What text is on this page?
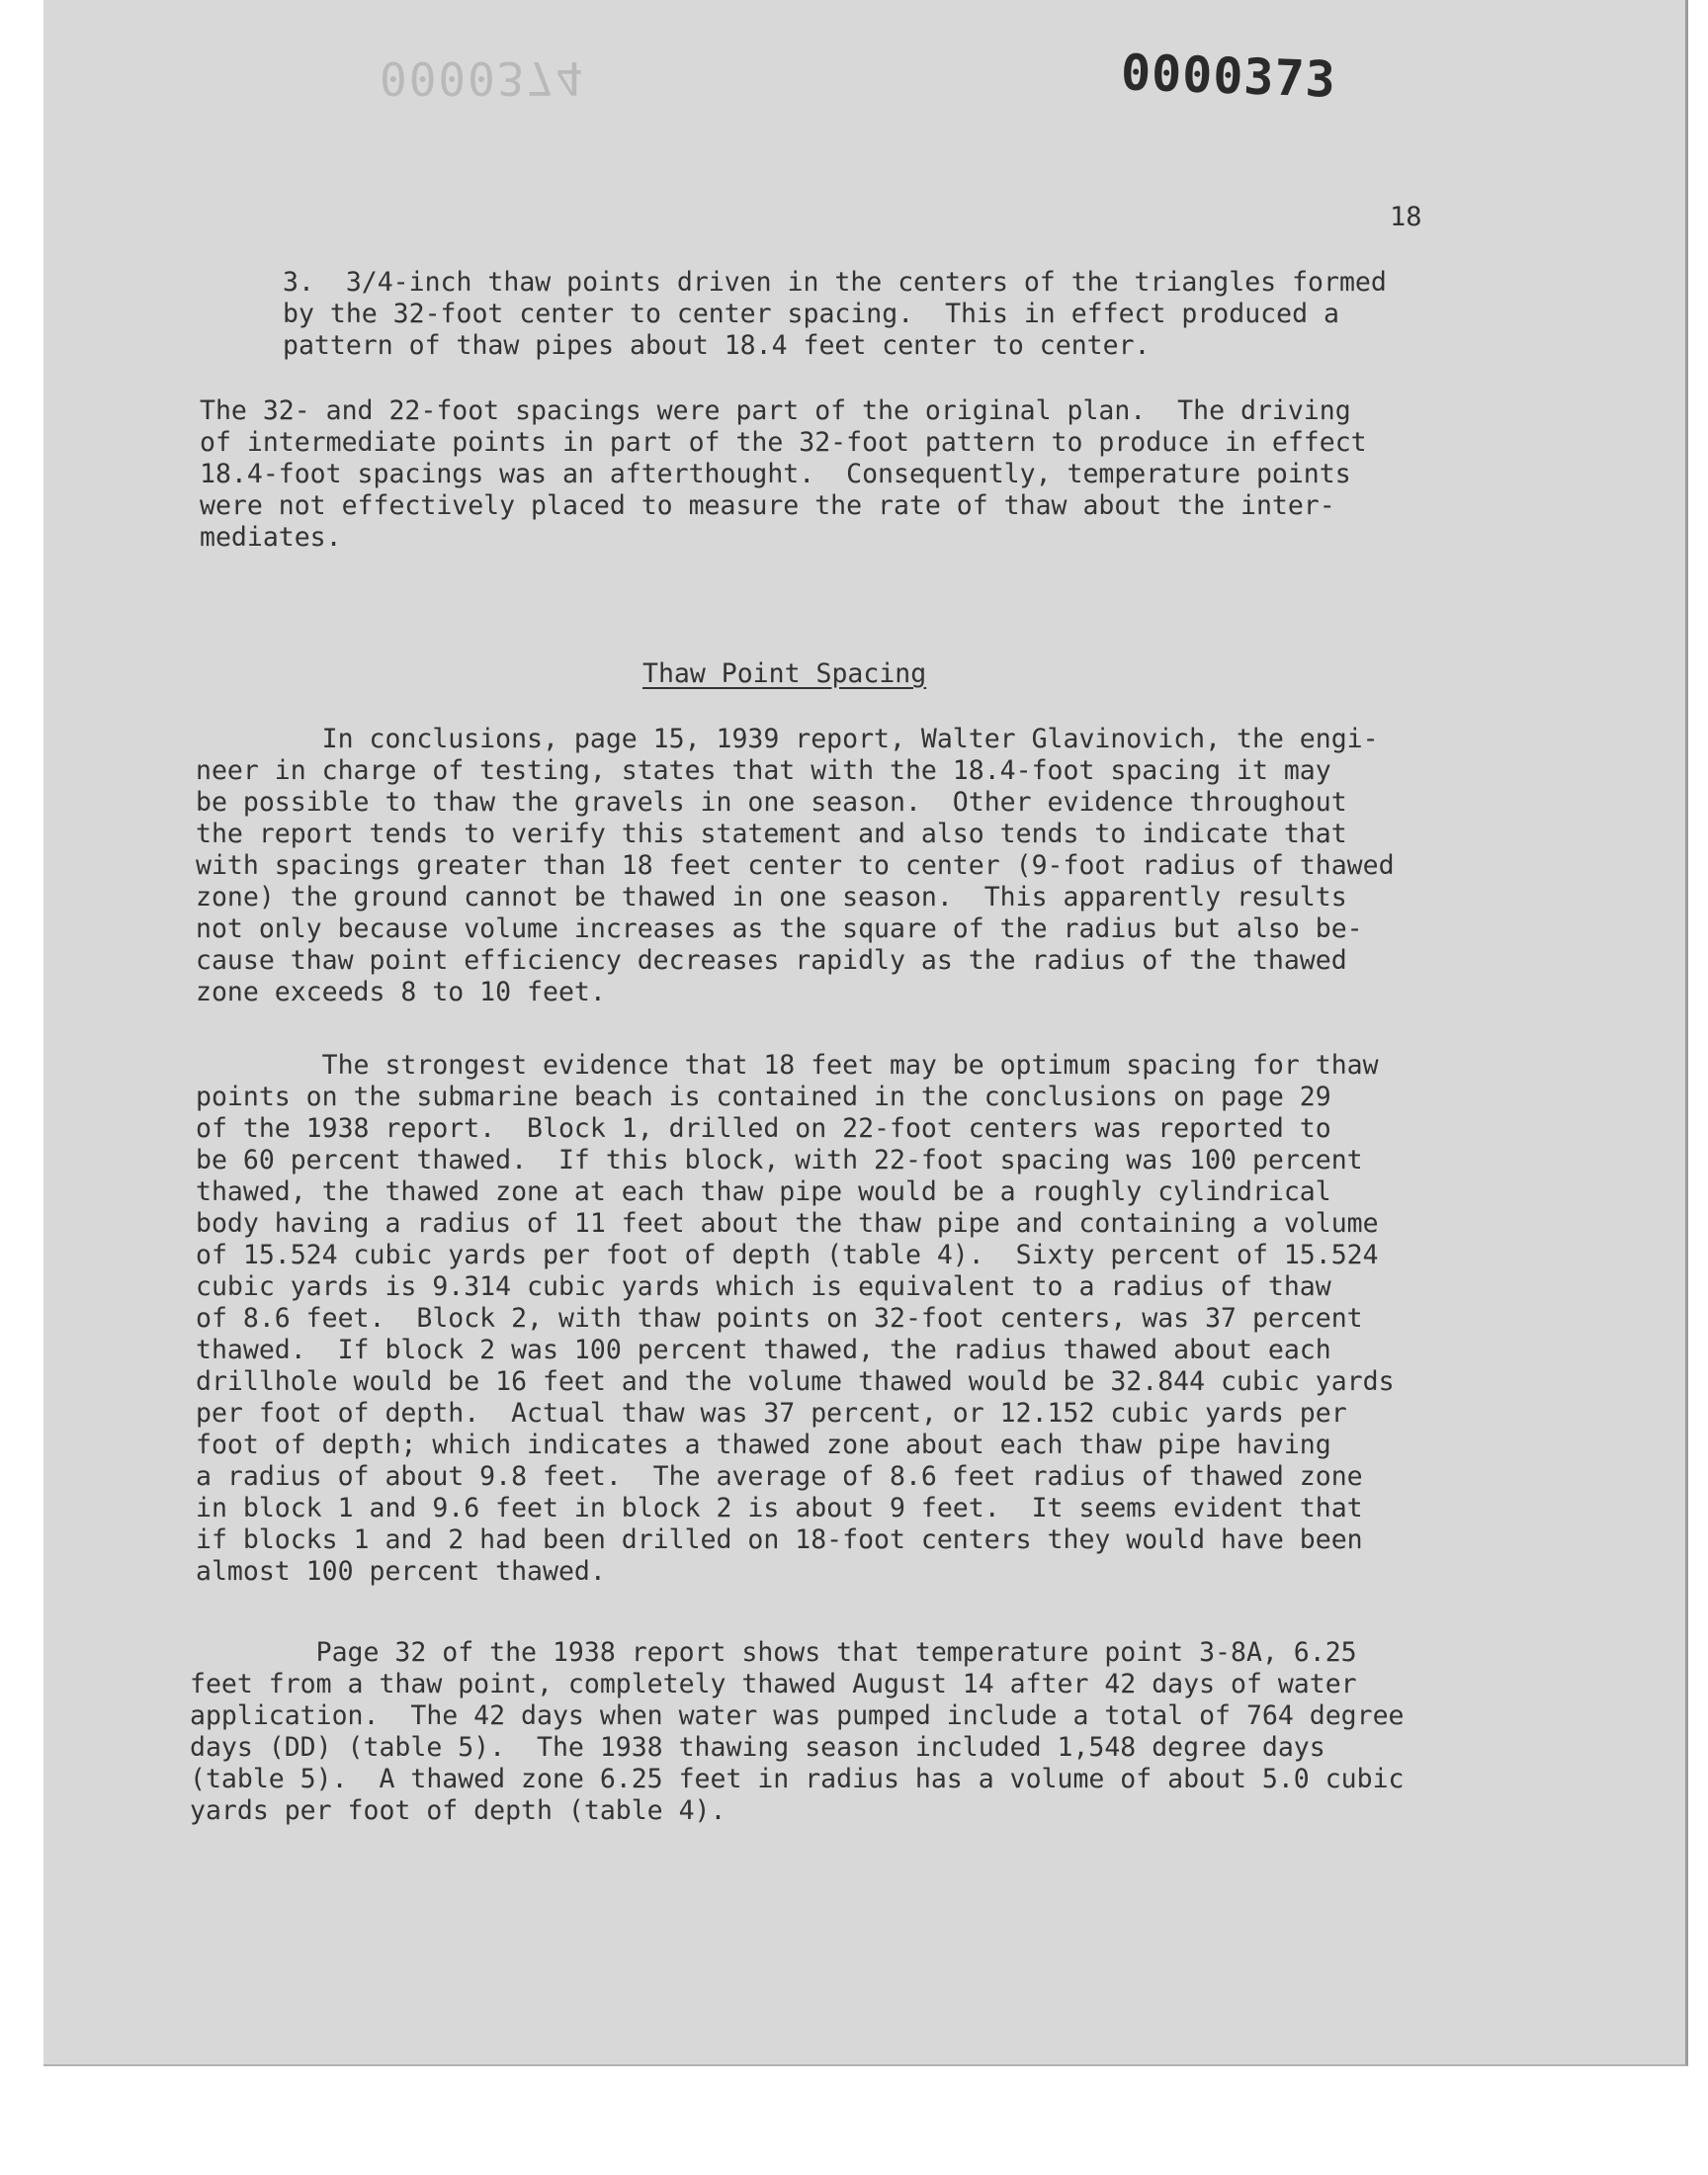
0000374	0000373
18

3.  3/4-inch thaw points driven in the centers of the triangles formed
by the 32-foot center to center spacing.  This in effect produced a
pattern of thaw pipes about 18.4 feet center to center.

The 32- and 22-foot spacings were part of the original plan.  The driving
of intermediate points in part of the 32-foot pattern to produce in effect
18.4-foot spacings was an afterthought.  Consequently, temperature points
were not effectively placed to measure the rate of thaw about the inter-
mediates.

Thaw Point Spacing

In conclusions, page 15, 1939 report, Walter Glavinovich, the engi-
neer in charge of testing, states that with the 18.4-foot spacing it may
be possible to thaw the gravels in one season.  Other evidence throughout
the report tends to verify this statement and also tends to indicate that
with spacings greater than 18 feet center to center (9-foot radius of thawed
zone) the ground cannot be thawed in one season.  This apparently results
not only because volume increases as the square of the radius but also be-
cause thaw point efficiency decreases rapidly as the radius of the thawed
zone exceeds 8 to 10 feet.

The strongest evidence that 18 feet may be optimum spacing for thaw
points on the submarine beach is contained in the conclusions on page 29
of the 1938 report.  Block 1, drilled on 22-foot centers was reported to
be 60 percent thawed.  If this block, with 22-foot spacing was 100 percent
thawed, the thawed zone at each thaw pipe would be a roughly cylindrical
body having a radius of 11 feet about the thaw pipe and containing a volume
of 15.524 cubic yards per foot of depth (table 4).  Sixty percent of 15.524
cubic yards is 9.314 cubic yards which is equivalent to a radius of thaw
of 8.6 feet.  Block 2, with thaw points on 32-foot centers, was 37 percent
thawed.  If block 2 was 100 percent thawed, the radius thawed about each
drillhole would be 16 feet and the volume thawed would be 32.844 cubic yards
per foot of depth.  Actual thaw was 37 percent, or 12.152 cubic yards per
foot of depth; which indicates a thawed zone about each thaw pipe having
a radius of about 9.8 feet.  The average of 8.6 feet radius of thawed zone
in block 1 and 9.6 feet in block 2 is about 9 feet.  It seems evident that
if blocks 1 and 2 had been drilled on 18-foot centers they would have been
almost 100 percent thawed.

Page 32 of the 1938 report shows that temperature point 3-8A, 6.25
feet from a thaw point, completely thawed August 14 after 42 days of water
application.  The 42 days when water was pumped include a total of 764 degree
days (DD) (table 5).  The 1938 thawing season included 1,548 degree days
(table 5).  A thawed zone 6.25 feet in radius has a volume of about 5.0 cubic
yards per foot of depth (table 4).
